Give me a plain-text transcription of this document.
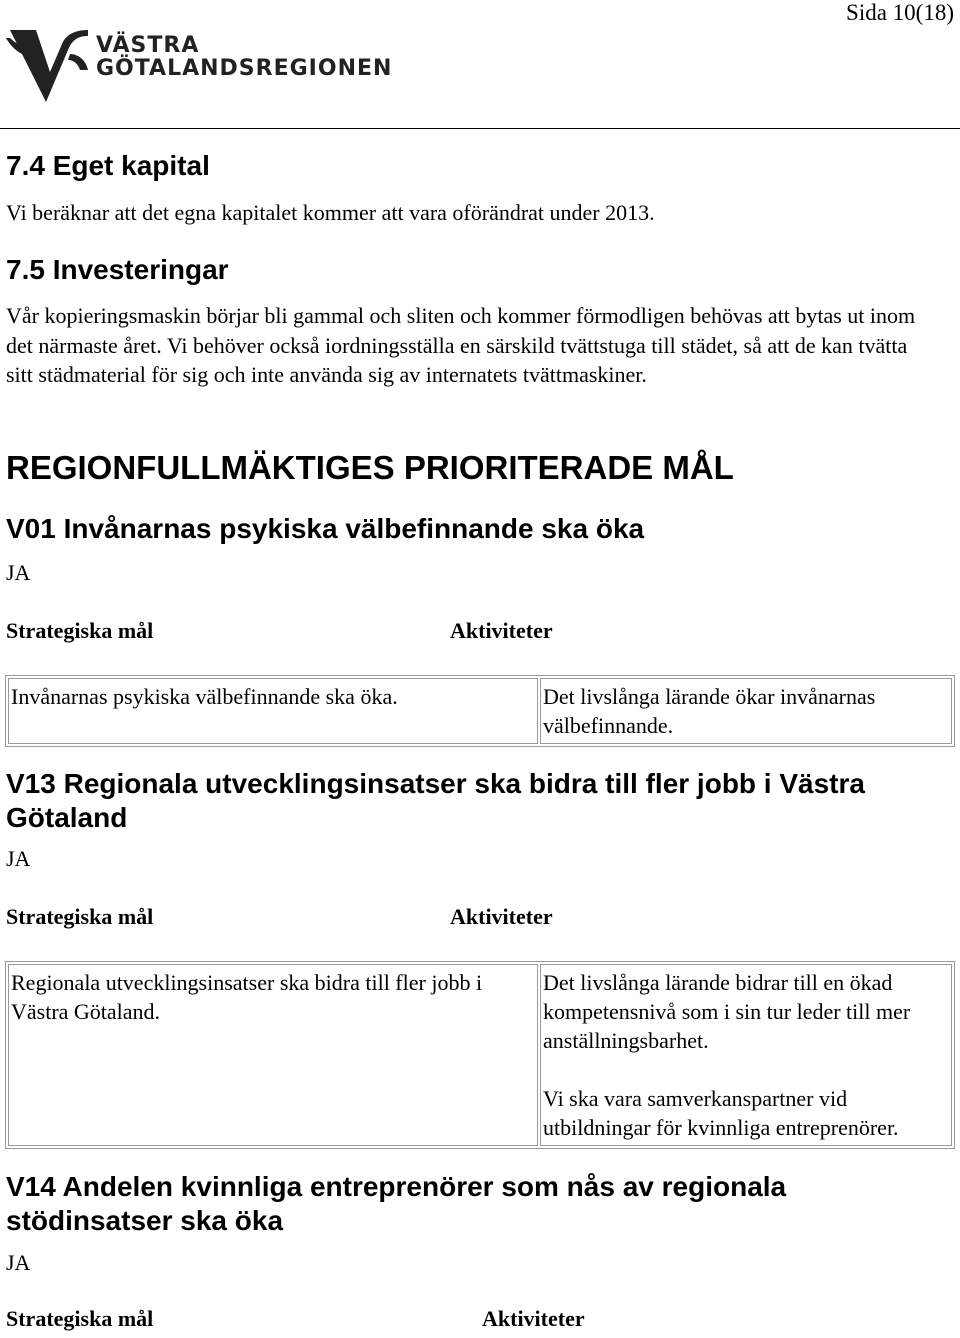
Sida 10(18)
VÄSTRA
GÖTALANDSREGIONEN
7.4 Eget kapital
Vi beräknar att det egna kapitalet kommer att vara oförändrat under 2013.
7.5 Investeringar
Vår kopieringsmaskin börjar bli gammal och sliten och kommer förmodligen behövas att bytas ut inom det närmaste året. Vi behöver också iordningsställa en särskild tvättstuga till städet, så att de kan tvätta sitt städmaterial för sig och inte använda sig av internatets tvättmaskiner.
REGIONFULLMÄKTIGES PRIORITERADE MÅL
V01 Invånarnas psykiska välbefinnande ska öka
JA
Strategiska mål	Aktiviteter
Invånarnas psykiska välbefinnande ska öka.	Det livslånga lärande ökar invånarnas välbefinnande.
V13 Regionala utvecklingsinsatser ska bidra till fler jobb i Västra Götaland
JA
Strategiska mål	Aktiviteter
Regionala utvecklingsinsatser ska bidra till fler jobb i Västra Götaland.	Det livslånga lärande bidrar till en ökad kompetensnivå som i sin tur leder till mer anställningsbarhet.
Vi ska vara samverkanspartner vid utbildningar för kvinnliga entreprenörer.
V14 Andelen kvinnliga entreprenörer som nås av regionala stödinsatser ska öka
JA
Strategiska mål	Aktiviteter
